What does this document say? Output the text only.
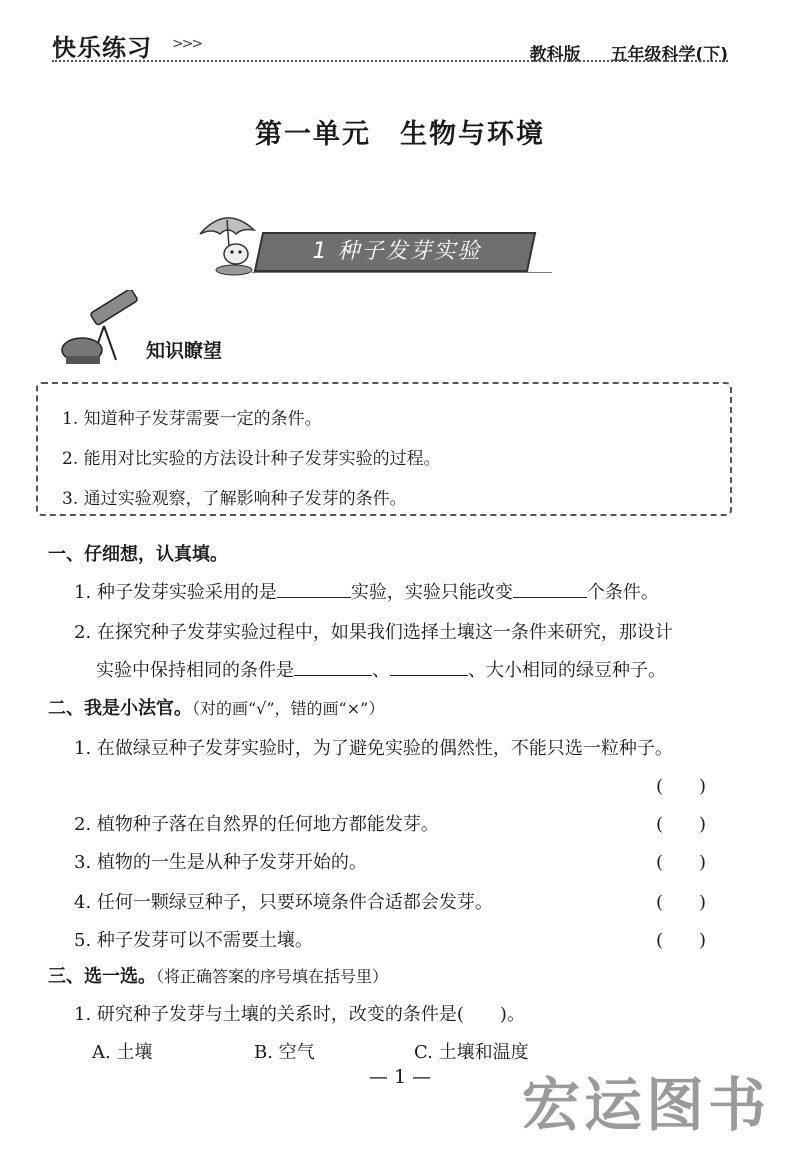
快乐练习 >>>
教科版 五年级科学(下)
第一单元　生物与环境
1 种子发芽实验
知识瞭望
1. 知道种子发芽需要一定的条件。
2. 能用对比实验的方法设计种子发芽实验的过程。
3. 通过实验观察，了解影响种子发芽的条件。
一、仔细想，认真填。
1. 种子发芽实验采用的是	实验，实验只能改变	个条件。
2. 在探究种子发芽实验过程中，如果我们选择土壤这一条件来研究，那设计
实验中保持相同的条件是	、	、大小相同的绿豆种子。
二、我是小法官。（对的画“√”，错的画“×”）
1. 在做绿豆种子发芽实验时，为了避免实验的偶然性，不能只选一粒种子。
(　　)
2. 植物种子落在自然界的任何地方都能发芽。	(　　)
3. 植物的一生是从种子发芽开始的。	(　　)
4. 任何一颗绿豆种子，只要环境条件合适都会发芽。	(　　)
5. 种子发芽可以不需要土壤。	(　　)
三、选一选。（将正确答案的序号填在括号里）
1. 研究种子发芽与土壤的关系时，改变的条件是(　　)。
A. 土壤	B. 空气	C. 土壤和温度
— 1 —	宏运图书
